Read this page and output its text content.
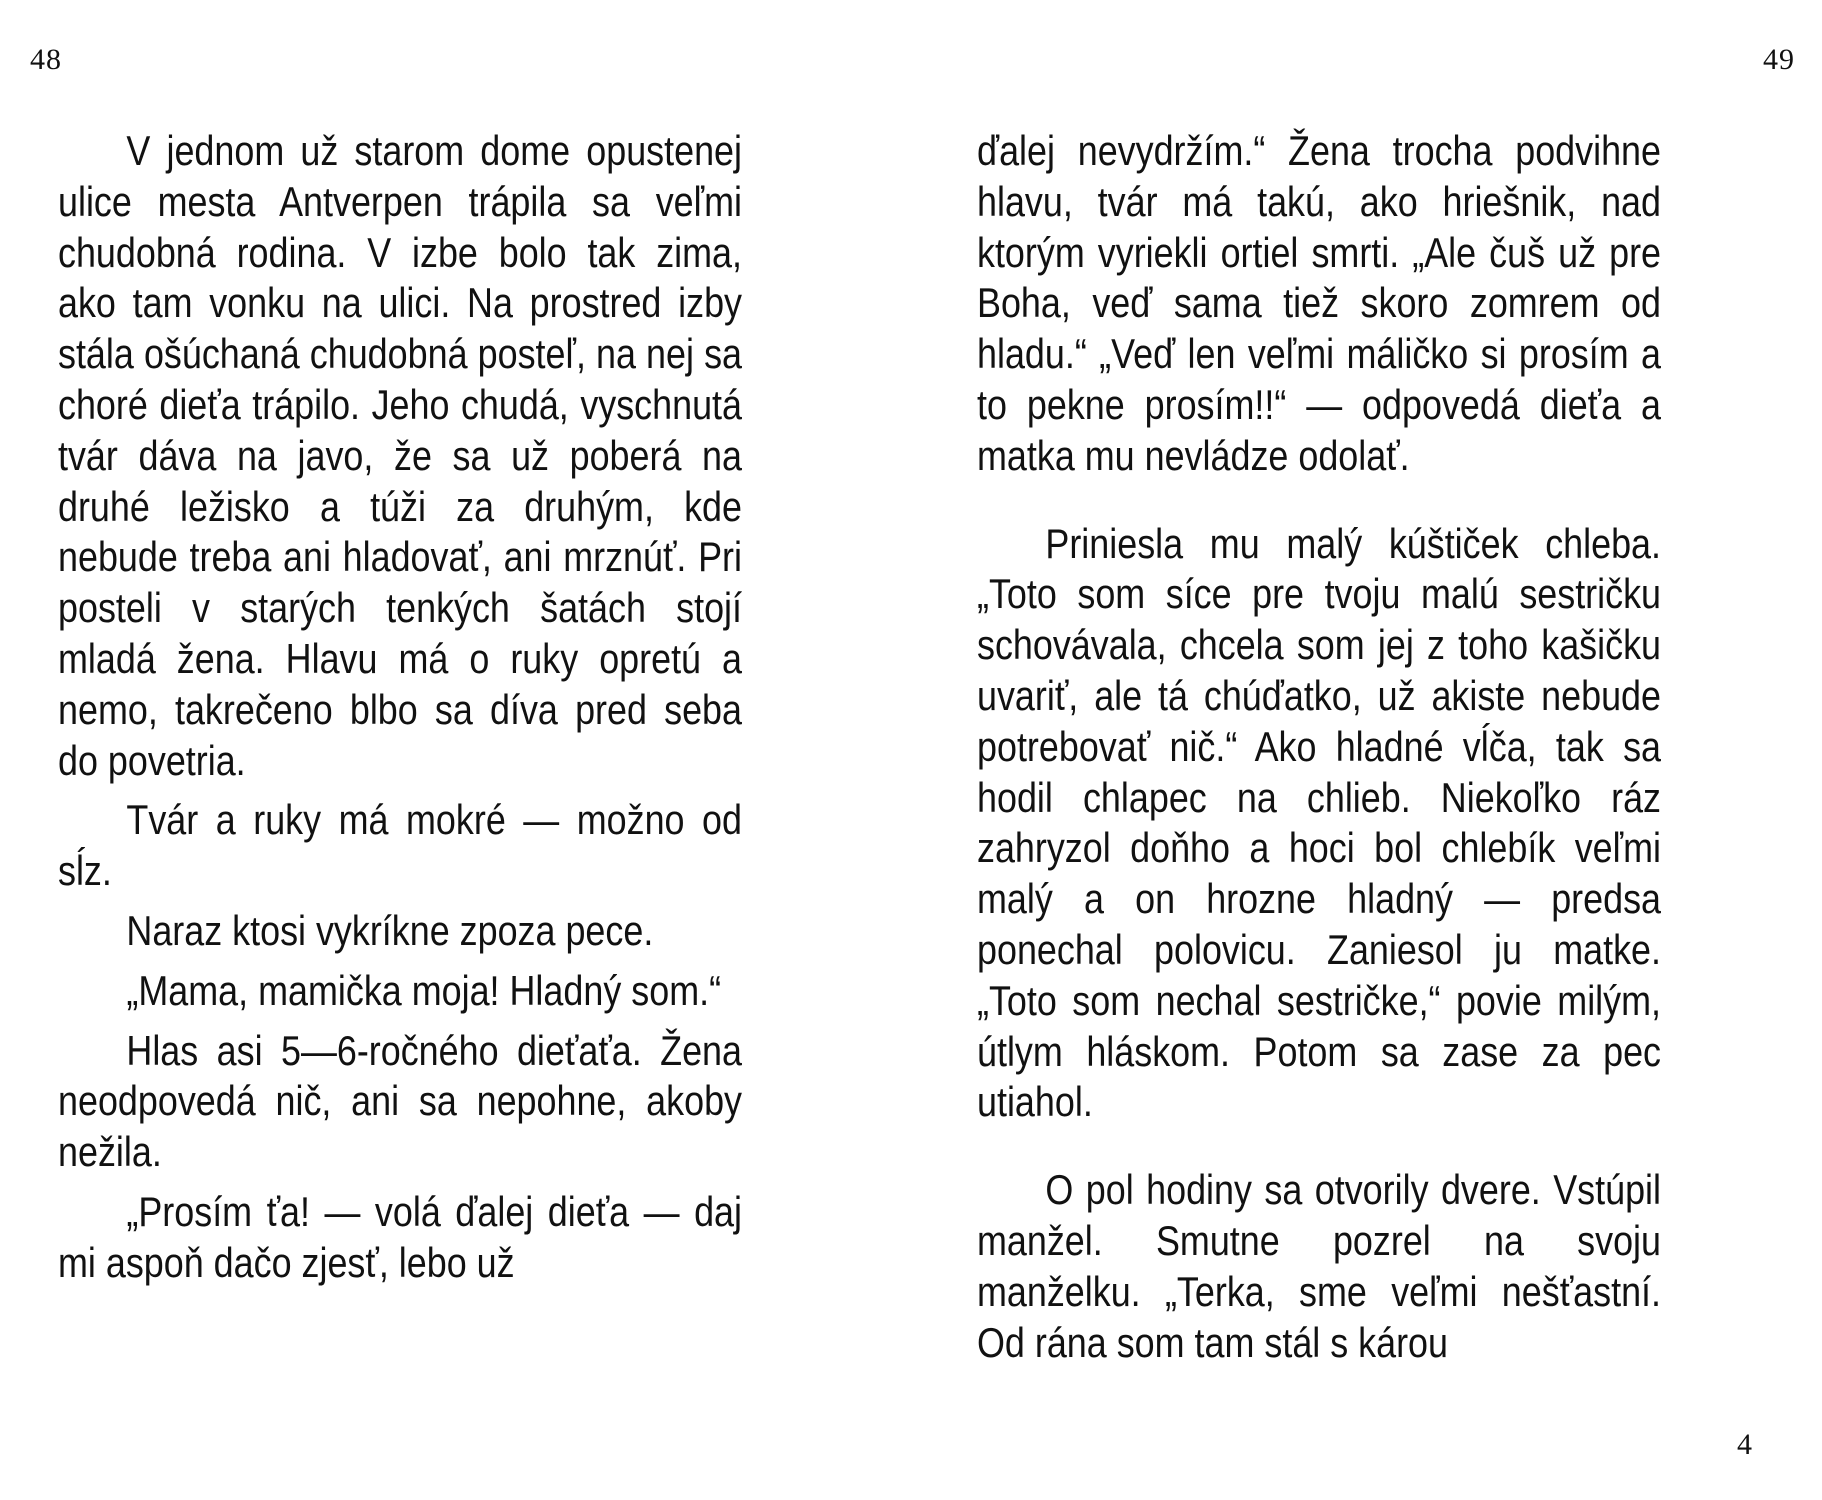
48

V jednom už starom dome opustenej ulice mesta Antverpen trápila sa veľmi chudobná rodina. V izbe bolo tak zima, ako tam vonku na ulici. Na prostred izby stála ošúchaná chudobná posteľ, na nej sa choré dieťa trápilo. Jeho chudá, vyschnutá tvár dáva na javo, že sa už poberá na druhé ležisko a túži za druhým, kde nebude treba ani hladovať, ani mrznúť. Pri posteli v starých tenkých šatách stojí mladá žena. Hlavu má o ruky opretú a nemo, takrečeno blbo sa díva pred seba do povetria.

Tvár a ruky má mokré — možno od sĺz.

Naraz ktosi vykríkne zpoza pece.

„Mama, mamička moja! Hladný som.“

Hlas asi 5—6-ročného dieťaťa. Žena neodpovedá nič, ani sa nepohne, akoby nežila.

„Prosím ťa! — volá ďalej dieťa — daj mi aspoň dačo zjesť, lebo už

49

ďalej nevydržím.“ Žena trocha podvihne hlavu, tvár má takú, ako hriešnik, nad ktorým vyriekli ortiel smrti. „Ale čuš už pre Boha, veď sama tiež skoro zomrem od hladu.“ „Veď len veľmi máličko si prosím a to pekne prosím!!“ — odpovedá dieťa a matka mu nevládze odolať.

Priniesla mu malý kúštiček chleba. „Toto som síce pre tvoju malú sestričku schovávala, chcela som jej z toho kašičku uvariť, ale tá chúďatko, už akiste nebude potrebovať nič.“ Ako hladné vĺča, tak sa hodil chlapec na chlieb. Niekoľko ráz zahryzol doňho a hoci bol chlebík veľmi malý a on hrozne hladný — predsa ponechal polovicu. Zaniesol ju matke. „Toto som nechal sestričke,“ povie milým, útlym hláskom. Potom sa zase za pec utiahol.

O pol hodiny sa otvorily dvere. Vstúpil manžel. Smutne pozrel na svoju manželku. „Terka, sme veľmi nešťastní. Od rána som tam stál s károu

4
